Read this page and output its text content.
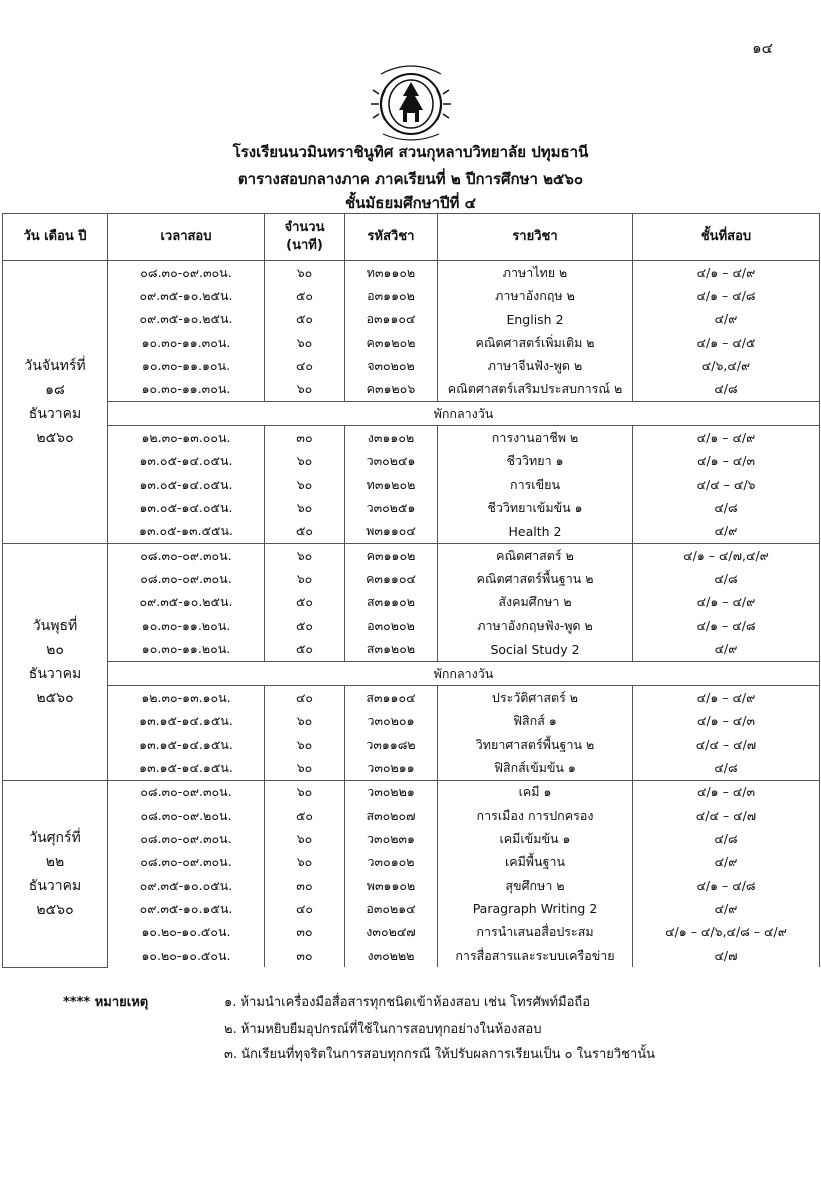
๑๔
โรงเรียนนวมินทราชินูทิศ สวนกุหลาบวิทยาลัย ปทุมธานี
ตารางสอบกลางภาค ภาคเรียนที่ ๒ ปีการศึกษา ๒๕๖๐
ชั้นมัธยมศึกษาปีที่ ๔
วัน เดือน ปี	เวลาสอบ	จำนวน
(นาที)	รหัสวิชา	รายวิชา	ชั้นที่สอบ
วันจันทร์ที่
๑๘
ธันวาคม
๒๕๖๐	๐๘.๓๐-๐๙.๓๐น.	๖๐	ท๓๑๑๐๒	ภาษาไทย ๒	๔/๑ – ๔/๙
	๐๙.๓๕-๑๐.๒๕น.	๕๐	อ๓๑๑๐๒	ภาษาอังกฤษ ๒	๔/๑ – ๔/๘
	๐๙.๓๕-๑๐.๒๕น.	๕๐	อ๓๑๑๐๔	English 2	๔/๙
	๑๐.๓๐-๑๑.๓๐น.	๖๐	ค๓๑๒๐๒	คณิตศาสตร์เพิ่มเติม ๒	๔/๑ – ๔/๕
	๑๐.๓๐-๑๑.๑๐น.	๔๐	จ๓๐๒๐๒	ภาษาจีนฟัง-พูด ๒	๔/๖,๔/๙
	๑๐.๓๐-๑๑.๓๐น.	๖๐	ค๓๑๒๐๖	คณิตศาสตร์เสริมประสบการณ์ ๒	๔/๘
	พักกลางวัน				
	๑๒.๓๐-๑๓.๐๐น.	๓๐	ง๓๑๑๐๒	การงานอาชีพ ๒	๔/๑ – ๔/๙
	๑๓.๐๕-๑๔.๐๕น.	๖๐	ว๓๐๒๔๑	ชีววิทยา ๑	๔/๑ – ๔/๓
	๑๓.๐๕-๑๔.๐๕น.	๖๐	ท๓๑๒๐๒	การเขียน	๔/๔ – ๔/๖
	๑๓.๐๕-๑๔.๐๕น.	๖๐	ว๓๐๒๕๑	ชีววิทยาเข้มข้น ๑	๔/๘
	๑๓.๐๕-๑๓.๕๕น.	๕๐	พ๓๑๑๐๔	Health 2	๔/๙
วันพุธที่
๒๐
ธันวาคม
๒๕๖๐	๐๘.๓๐-๐๙.๓๐น.	๖๐	ค๓๑๑๐๒	คณิตศาสตร์ ๒	๔/๑ – ๔/๗,๔/๙
	๐๘.๓๐-๐๙.๓๐น.	๖๐	ค๓๑๑๐๔	คณิตศาสตร์พื้นฐาน ๒	๔/๘
	๐๙.๓๕-๑๐.๒๕น.	๕๐	ส๓๑๑๐๒	สังคมศึกษา ๒	๔/๑ – ๔/๙
	๑๐.๓๐-๑๑.๒๐น.	๕๐	อ๓๐๒๐๒	ภาษาอังกฤษฟัง-พูด ๒	๔/๑ – ๔/๘
	๑๐.๓๐-๑๑.๒๐น.	๕๐	ส๓๑๒๐๒	Social Study 2	๔/๙
	พักกลางวัน				
	๑๒.๓๐-๑๓.๑๐น.	๔๐	ส๓๑๑๐๔	ประวัติศาสตร์ ๒	๔/๑ – ๔/๙
	๑๓.๑๕-๑๔.๑๕น.	๖๐	ว๓๐๒๐๑	ฟิสิกส์ ๑	๔/๑ – ๔/๓
	๑๓.๑๕-๑๔.๑๕น.	๖๐	ว๓๑๑๘๒	วิทยาศาสตร์พื้นฐาน ๒	๔/๔ – ๔/๗
	๑๓.๑๕-๑๔.๑๕น.	๖๐	ว๓๐๒๑๑	ฟิสิกส์เข้มข้น ๑	๔/๘
วันศุกร์ที่
๒๒
ธันวาคม
๒๕๖๐	๐๘.๓๐-๐๙.๓๐น.	๖๐	ว๓๐๒๒๑	เคมี ๑	๔/๑ – ๔/๓
	๐๘.๓๐-๐๙.๒๐น.	๕๐	ส๓๐๒๐๗	การเมือง การปกครอง	๔/๔ – ๔/๗
	๐๘.๓๐-๐๙.๓๐น.	๖๐	ว๓๐๒๓๑	เคมีเข้มข้น ๑	๔/๘
	๐๘.๓๐-๐๙.๓๐น.	๖๐	ว๓๐๑๐๒	เคมีพื้นฐาน	๔/๙
	๐๙.๓๕-๑๐.๐๕น.	๓๐	พ๓๑๑๐๒	สุขศึกษา ๒	๔/๑ – ๔/๘
	๐๙.๓๕-๑๐.๑๕น.	๔๐	อ๓๐๒๑๔	Paragraph Writing 2	๔/๙
	๑๐.๒๐-๑๐.๕๐น.	๓๐	ง๓๐๒๔๗	การนำเสนอสื่อประสม	๔/๑ – ๔/๖,๔/๘ – ๔/๙
	๑๐.๒๐-๑๐.๕๐น.	๓๐	ง๓๐๒๒๒	การสื่อสารและระบบเครือข่าย	๔/๗
**** หมายเหตุ	๑. ห้ามนำเครื่องมือสื่อสารทุกชนิดเข้าห้องสอบ เช่น โทรศัพท์มือถือ
๒. ห้ามหยิบยืมอุปกรณ์ที่ใช้ในการสอบทุกอย่างในห้องสอบ
๓. นักเรียนที่ทุจริตในการสอบทุกกรณี ให้ปรับผลการเรียนเป็น ๐ ในรายวิชานั้น
